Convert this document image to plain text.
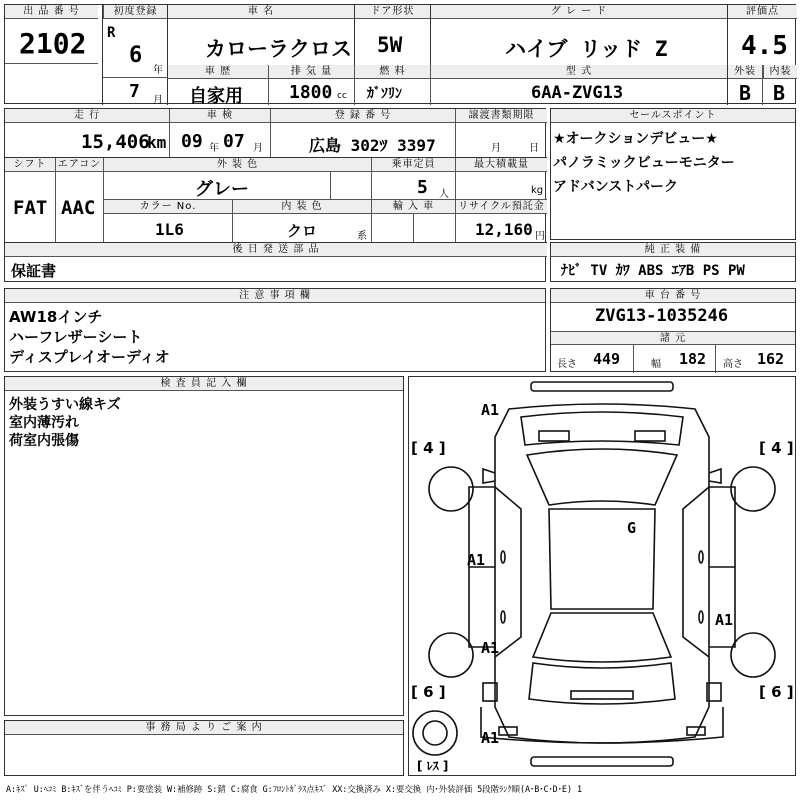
出 品 番 号
2102
初度登録
R
6
年
7 月
車 名
カローラクロス
ドア形状
5W
グ レ ー ド
ハイブ リッド Z
評価点
4.5
外装	内装
B B
車 歴
自家用
排 気 量
1800 cc
燃 料
ｶﾞｿﾘﾝ
型 式
6AA-ZVG13
走 行
15,406
km
車 検
09 年 07 月
登 録 番 号
広島 302ﾂ 3397
譲渡書類期限
月	日
シフト	エアコン
FAT AAC
外 装 色
グレー
乗車定員
5 人
最大積載量
kg
カラー No.
1L6
内 装 色
クロ	系
輸 入 車	リサイクル預託金
12,160 円
後 日 発 送 部 品
保証書
セールスポイント
★オークションデビュー★
パノラミックビューモニター
アドバンストパーク
純 正 装 備
ﾅﾋﾞ TV ｶﾜ ABS ｴｱB PS PW
注 意 事 項 欄
AW18インチ
ハーフレザーシート
ディスプレイオーディオ
車 台 番 号
ZVG13-1035246
諸 元
長さ 449	幅 182 高さ 162
検 査 員 記 入 欄
外装うすい線キズ
室内薄汚れ
荷室内張傷
事 務 局 よ り ご 案 内
A1
G
A1
A1
A1
A1
[ 4 ]	[ 4 ]
[ 6 ]	[ 6 ]
[ ﾚｽ ]
A:ｷｽﾞ U:ﾍｺﾐ B:ｷｽﾞを伴うﾍｺﾐ P:要塗装 W:補修跡 S:錆 C:腐食 G:ﾌﾛﾝﾄｶﾞﾗｽ点ｷｽﾞ XX:交換済み X:要交換 内･外装評価 5段階ﾗﾝｸ順(A･B･C･D･E) 1
